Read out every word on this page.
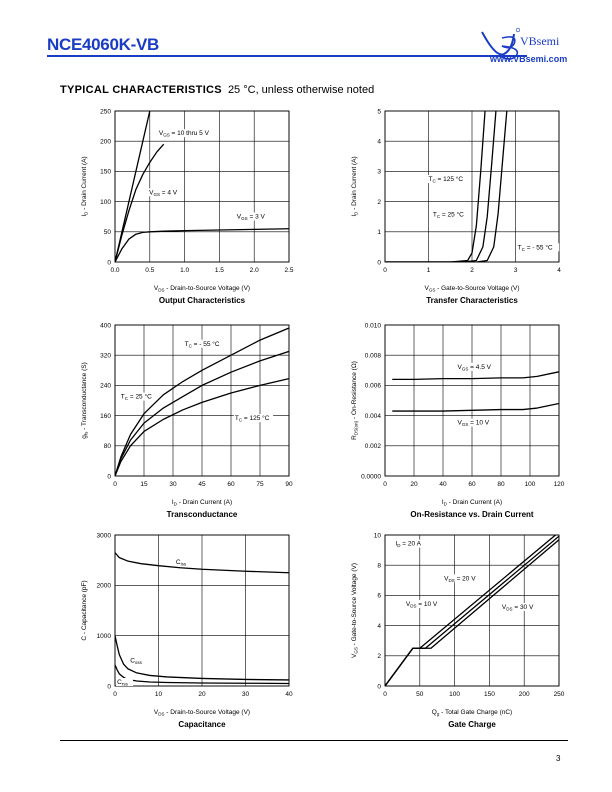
NCE4060K-VB	VBsemi
www.VBsemi.com
TYPICAL CHARACTERISTICS 25 °C, unless otherwise noted
0.0	0.5	1.0	1.5	2.0	2.5
0
50
100
150
200
250
$V_{DS}$ - Drain-to-Source Voltage (V)
$I_D$ - Drain Current (A)
Output Characteristics
$V_{GS} = 10$ thru 5 V
$V_{GS} = 4$ V
$V_{GS} = 3$ V
0	1	2	3	4
0
1
2
3
4
5
$V_{GS}$ - Gate-to-Source Voltage (V)
$I_D$ - Drain Current (A)
Transfer Characteristics
$T_C = 125$ °C
$T_C = 25$ °C
$T_C$ = - 55 °C
0	15	30	45	60	75	90
0
80
160
240
320
400
$I_D$ - Drain Current (A)
$g_{fs}$ - Transconductance (S)
Transconductance
$T_C$ = - 55 °C
$T_C = 25$ °C
$T_C = 125$ °C
0	20	40	60	80	100	120
0.0000
0.002
0.004
0.006
0.008
0.010
$I_D$ - Drain Current (A)
$R_{DS(on)}$ - On-Resistance (Ω)
On-Resistance vs. Drain Current
$V_{GS} = 4.5$ V
$V_{GS} = 10$ V
0	10	20	30	40
0
1000
2000
3000
$V_{DS}$ - Drain-to-Source Voltage (V)
C - Capacitance (pF)
Capacitance
$C_{iss}$
$C_{oss}$
$C_{rss}$
0	50	100	150	200	250
0
2
4
6
8
10
$Q_g$ - Total Gate Charge (nC)
$V_{GS}$ - Gate-to-Source Voltage (V)
Gate Charge
$I_D = 20$ A
$V_{DS} = 20$ V
$V_{DS} = 10$ V	$V_{DS} = 30$ V
3
